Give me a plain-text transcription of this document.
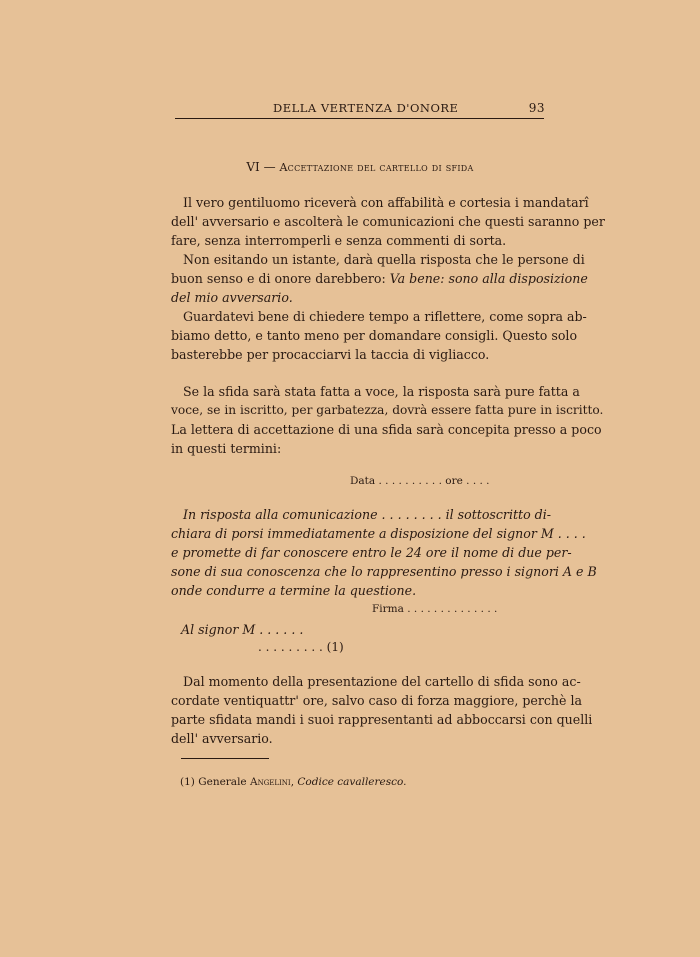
DELLA VERTENZA D'ONORE	93
VI — Accettazione del cartello di sfida
Il vero gentiluomo riceverà con affabilità e cortesia i mandatarî
dell' avversario e ascolterà le comunicazioni che questi saranno per
fare, senza interromperli e senza commenti di sorta.
Non esitando un istante, darà quella risposta che le persone di
buon senso e di onore darebbero: Va bene: sono alla disposizione
del mio avversario.
Guardatevi bene di chiedere tempo a riflettere, come sopra ab-
biamo detto, e tanto meno per domandare consigli. Questo solo
basterebbe per procacciarvi la taccia di vigliacco.
Se la sfida sarà stata fatta a voce, la risposta sarà pure fatta a
voce, se in iscritto, per garbatezza, dovrà essere fatta pure in iscritto.
La lettera di accettazione di una sfida sarà concepita presso a poco
in questi termini:
Data . . . . . . . . . . ore . . . .
In risposta alla comunicazione . . . . . . . . il sottoscritto di-
chiara di porsi immediatamente a disposizione del signor M . . . .
e promette di far conoscere entro le 24 ore il nome di due per-
sone di sua conoscenza che lo rappresentino presso i signori A e B
onde condurre a termine la questione.
Firma . . . . . . . . . . . . . .
Al signor M . . . . . .
. . . . . . . . . (1)
Dal momento della presentazione del cartello di sfida sono ac-
cordate ventiquattr' ore, salvo caso di forza maggiore, perchè la
parte sfidata mandi i suoi rappresentanti ad abboccarsi con quelli
dell' avversario.
(1) Generale Angelini, Codice cavalleresco.
